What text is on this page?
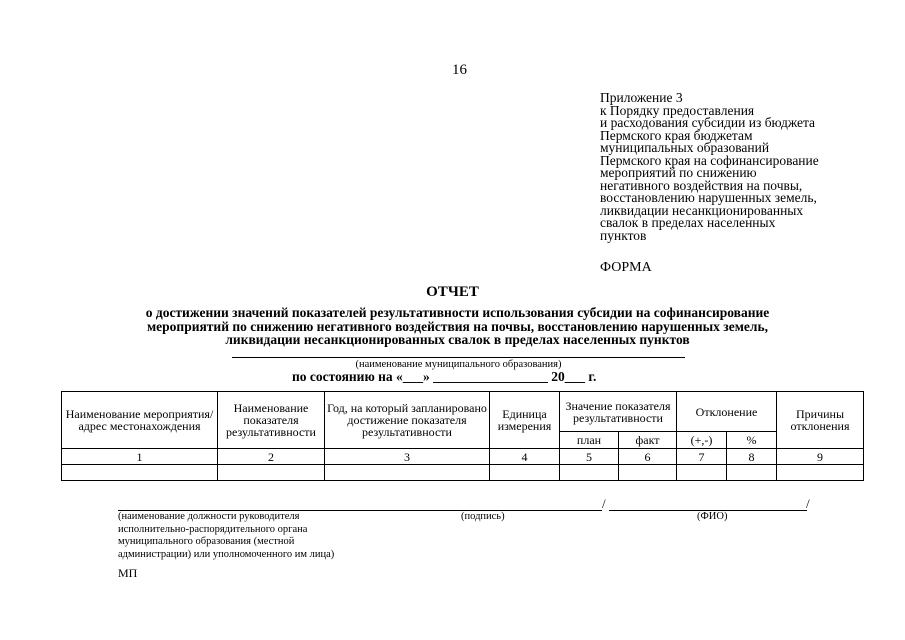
16
Приложение 3
к Порядку предоставления
и расходования субсидии из бюджета
Пермского края бюджетам
муниципальных образований
Пермского края на софинансирование
мероприятий по снижению
негативного воздействия на почвы,
восстановлению нарушенных земель,
ликвидации несанкционированных
свалок в пределах населенных
пунктов
ФОРМА
ОТЧЕТ
о достижении значений показателей результативности использования субсидии на софинансирование
мероприятий по снижению негативного воздействия на почвы, восстановлению нарушенных земель,
ликвидации несанкционированных свалок в пределах населенных пунктов
(наименование муниципального образования)
по состоянию на «___» _________________ 20___ г.
Наименование мероприятия/ адрес местонахождения	Наименование показателя результативности	Год, на который запланировано достижение показателя результативности	Единица измерения	Значение показателя результативности		Отклонение		Причины отклонения
				план	факт	(+,-)	%	
1	2	3	4	5	6	7	8	9

/	/
(наименование должности руководителя исполнительно-распорядительного органа муниципального образования (местной администрации) или уполномоченного им лица)
(подпись)	(ФИО)
МП
